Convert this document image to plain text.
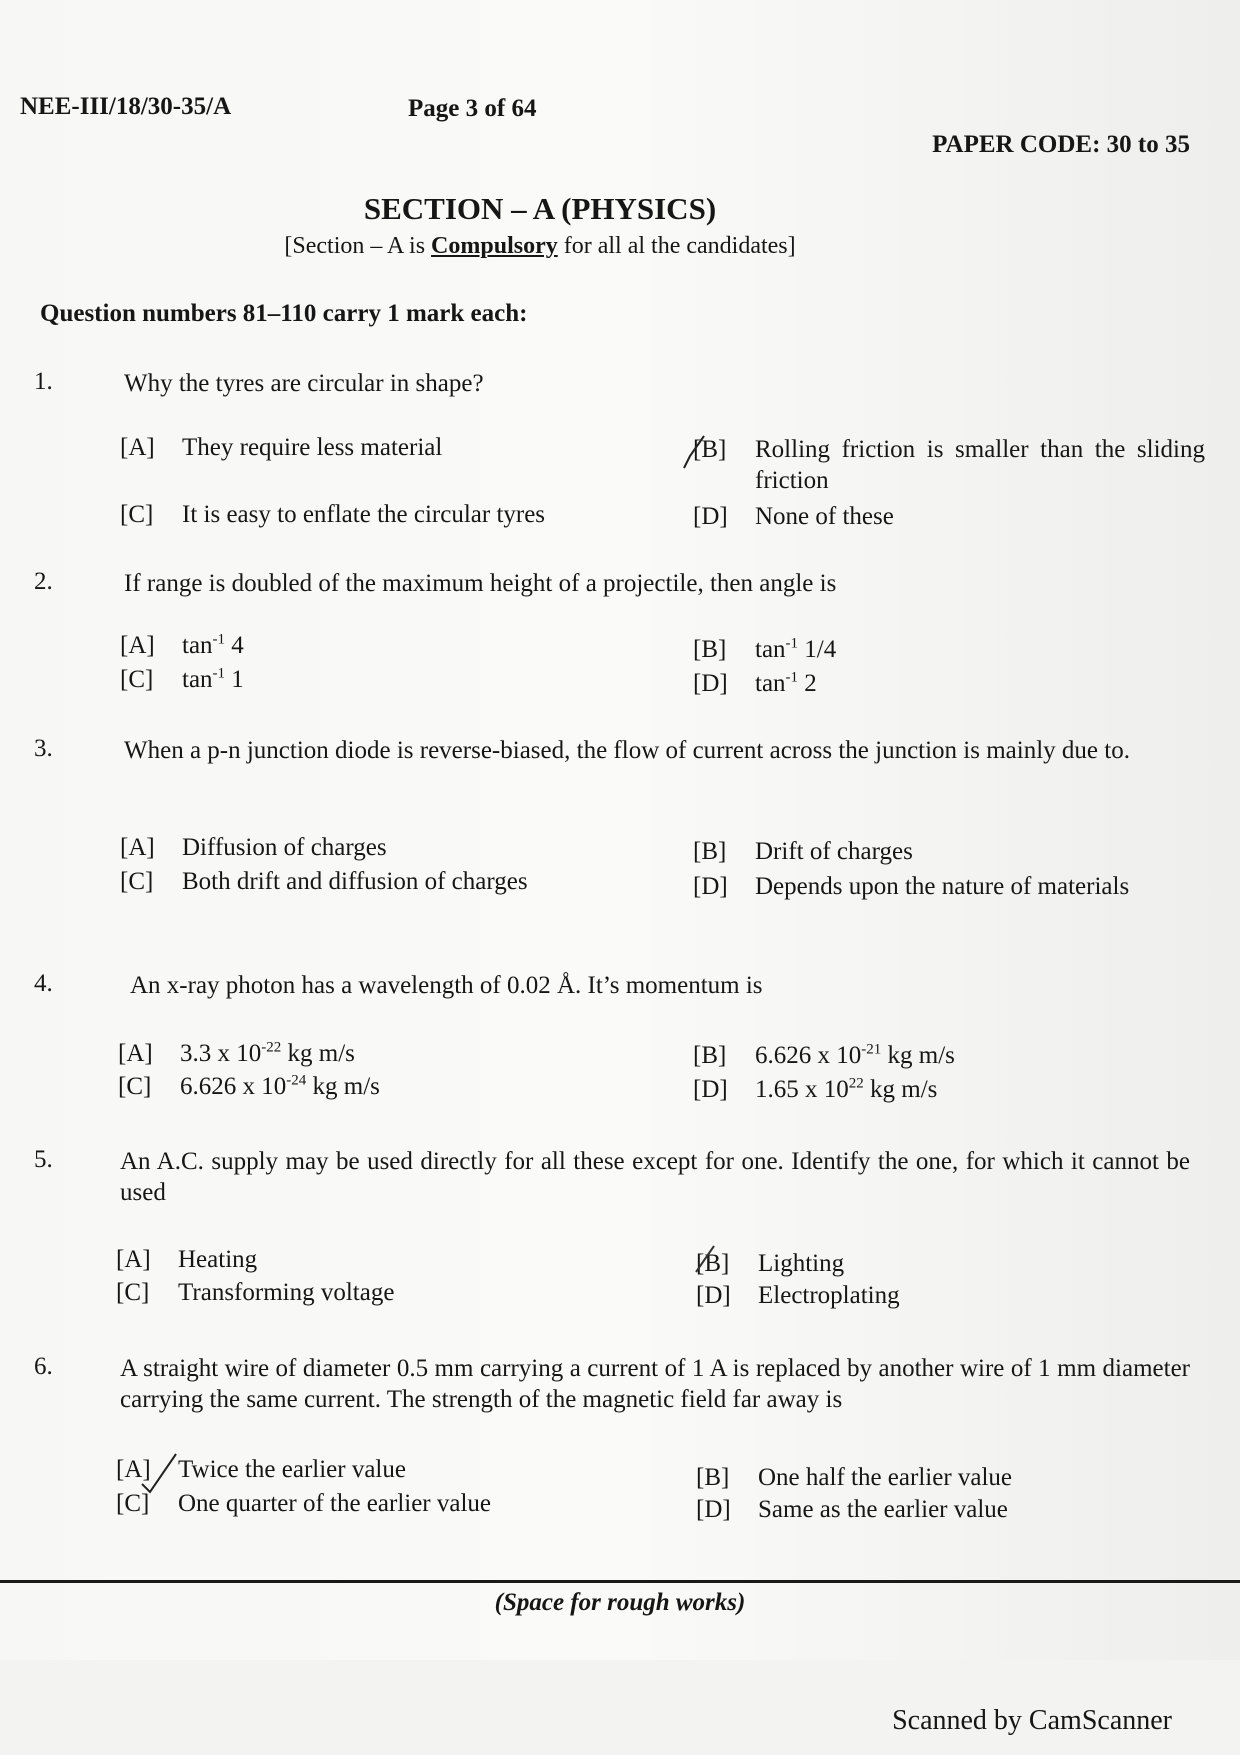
NEE-III/18/30-35/A	Page 3 of 64
PAPER CODE: 30 to 35
SECTION – A (PHYSICS)
[Section – A is Compulsory for all al the candidates]
Question numbers 81–110 carry 1 mark each:
1.	Why the tyres are circular in shape?
[A] They require less material	[B] Rolling friction is smaller than the sliding friction
[C] It is easy to enflate the circular tyres	[D] None of these
2.	If range is doubled of the maximum height of a projectile, then angle is
[A] $\tan^{-1} 4$	[B] $\tan^{-1} 1/4$
[C] $\tan^{-1} 1$	[D] $\tan^{-1} 2$
3.	When a p-n junction diode is reverse-biased, the flow of current across the junction is mainly due to.
[A] Diffusion of charges	[B] Drift of charges
[C] Both drift and diffusion of charges	[D] Depends upon the nature of materials
4.	An x-ray photon has a wavelength of 0.02 Å. It’s momentum is
[A] 3.3 x $10^{-22}$ kg m/s	[B] 6.626 x $10^{-21}$ kg m/s
[C] 6.626 x $10^{-24}$ kg m/s	[D] 1.65 x $10^{22}$ kg m/s
5.	An A.C. supply may be used directly for all these except for one. Identify the one, for which it cannot be used
[A] Heating	[B] Lighting
[C] Transforming voltage	[D] Electroplating
6.	A straight wire of diameter 0.5 mm carrying a current of 1 A is replaced by another wire of 1 mm diameter carrying the same current. The strength of the magnetic field far away is
[A] Twice the earlier value	[B] One half the earlier value
[C] One quarter of the earlier value	[D] Same as the earlier value
(Space for rough works)
Scanned by CamScanner
